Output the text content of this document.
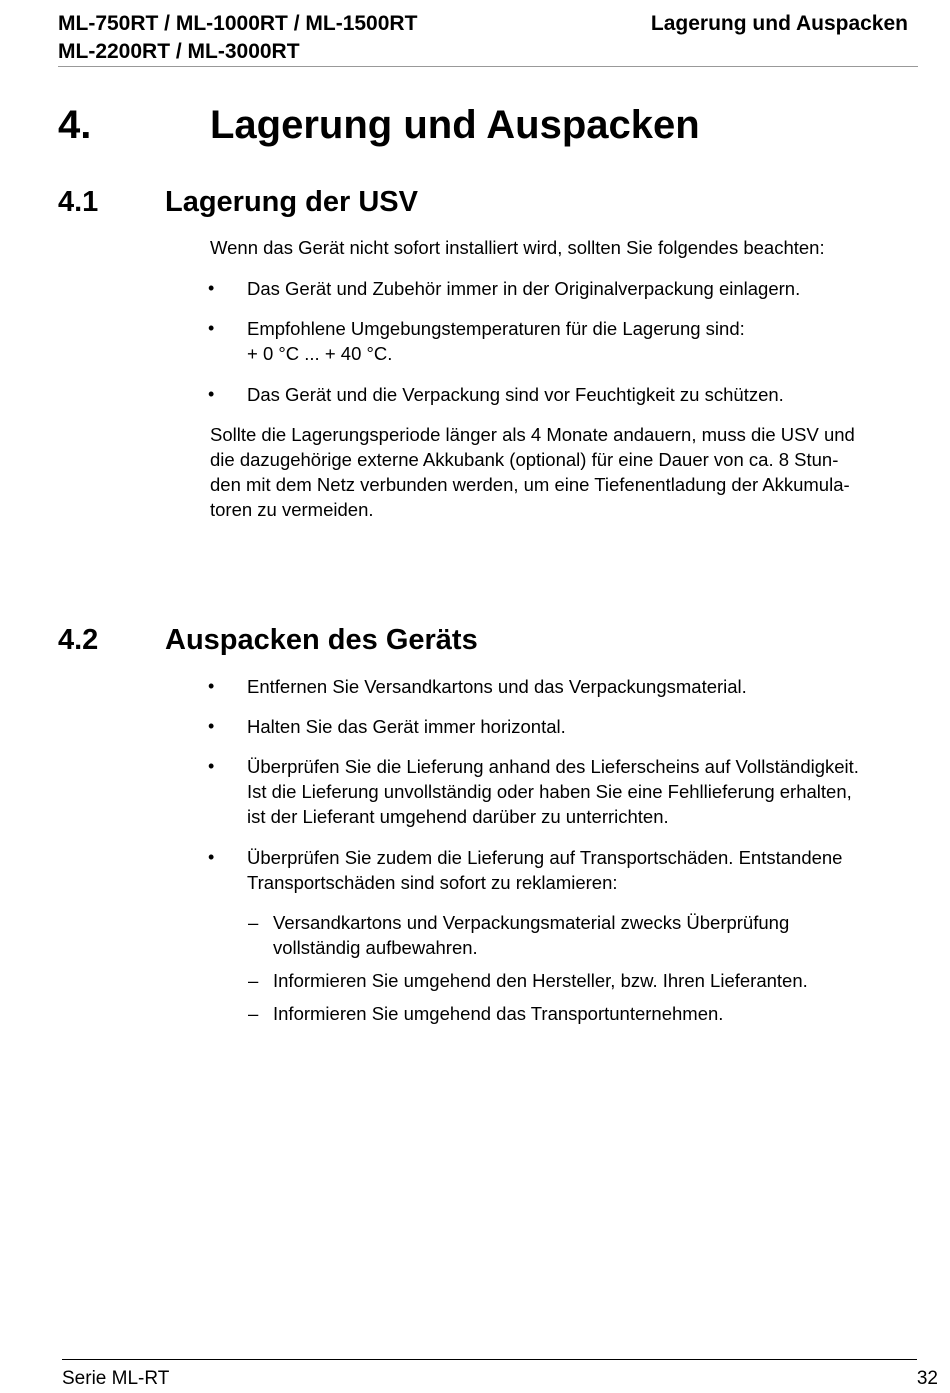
ML-750RT / ML-1000RT / ML-1500RT
ML-2200RT / ML-3000RT
Lagerung und Auspacken
4.	Lagerung und Auspacken
4.1 Lagerung der USV
Wenn das Gerät nicht sofort installiert wird, sollten Sie folgendes beachten:
• Das Gerät und Zubehör immer in der Originalverpackung einlagern.
• Empfohlene Umgebungstemperaturen für die Lagerung sind:
+ 0 °C ... + 40 °C.
• Das Gerät und die Verpackung sind vor Feuchtigkeit zu schützen.
Sollte die Lagerungsperiode länger als 4 Monate andauern, muss die USV und
die dazugehörige externe Akkubank (optional) für eine Dauer von ca. 8 Stun-
den mit dem Netz verbunden werden, um eine Tiefenentladung der Akkumula-
toren zu vermeiden.
4.2 Auspacken des Geräts
• Entfernen Sie Versandkartons und das Verpackungsmaterial.
• Halten Sie das Gerät immer horizontal.
• Überprüfen Sie die Lieferung anhand des Lieferscheins auf Vollständigkeit.
Ist die Lieferung unvollständig oder haben Sie eine Fehllieferung erhalten,
ist der Lieferant umgehend darüber zu unterrichten.
• Überprüfen Sie zudem die Lieferung auf Transportschäden. Entstandene
Transportschäden sind sofort zu reklamieren:
– Versandkartons und Verpackungsmaterial zwecks Überprüfung
vollständig aufbewahren.
– Informieren Sie umgehend den Hersteller, bzw. Ihren Lieferanten.
– Informieren Sie umgehend das Transportunternehmen.
Serie ML-RT	32
